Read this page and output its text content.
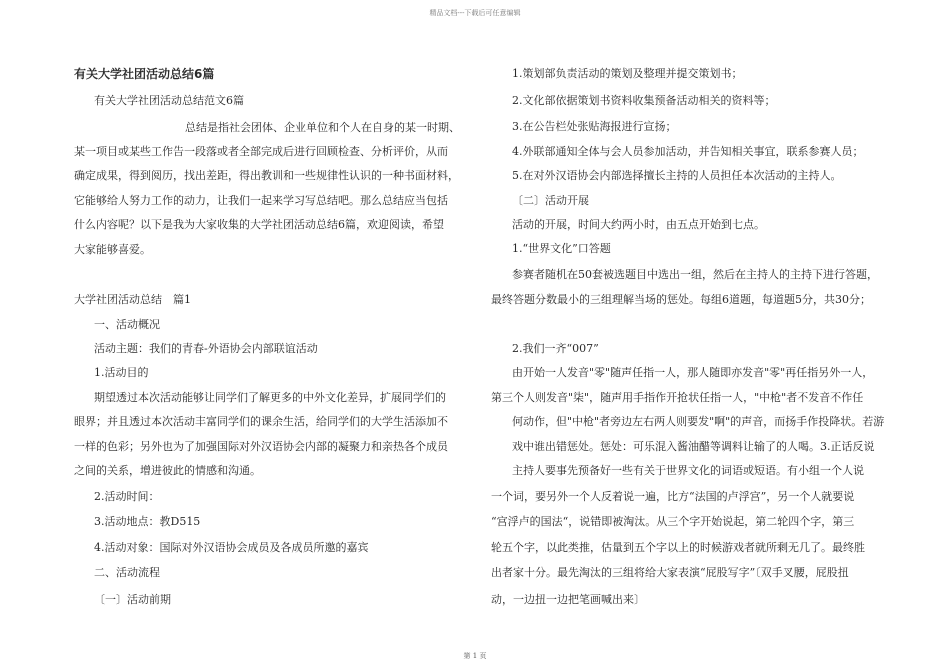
精品文档---下载后可任意编辑

有关大学社团活动总结6篇

有关大学社团活动总结范文6篇

总结是指社会团体、企业单位和个人在自身的某一时期、

某一项目或某些工作告一段落或者全部完成后进行回顾检查、分析评价，从而

确定成果，得到阅历，找出差距，得出教训和一些规律性认识的一种书面材料，

它能够给人努力工作的动力，让我们一起来学习写总结吧。那么总结应当包括

什么内容呢？以下是我为大家收集的大学社团活动总结6篇，欢迎阅读，希望

大家能够喜爱。

大学社团活动总结　篇1

一、活动概况

活动主题：我们的青春-外语协会内部联谊活动

1.活动目的

期望透过本次活动能够让同学们了解更多的中外文化差异，扩展同学们的

眼界；并且透过本次活动丰富同学们的课余生活，给同学们的大学生活添加不

一样的色彩；另外也为了加强国际对外汉语协会内部的凝聚力和亲热各个成员

之间的关系，增进彼此的情感和沟通。

2.活动时间：

3.活动地点：教D515

4.活动对象：国际对外汉语协会成员及各成员所邀的嘉宾

二、活动流程

〔一〕活动前期

1.策划部负责活动的策划及整理并提交策划书；

2.文化部依据策划书资料收集预备活动相关的资料等；

3.在公告栏处张贴海报进行宣扬；

4.外联部通知全体与会人员参加活动，并告知相关事宜，联系参赛人员；

5.在对外汉语协会内部选择擅长主持的人员担任本次活动的主持人。

〔二〕活动开展

活动的开展，时间大约两小时，由五点开始到七点。

1.“世界文化”口答题

参赛者随机在50套被选题目中选出一组，然后在主持人的主持下进行答题，

最终答题分数最小的三组理解当场的惩处。每组6道题，每道题5分，共30分；

2.我们一齐“007”

由开始一人发音"零"随声任指一人，那人随即亦发音"零"再任指另外一人，

第三个人则发音"柒"，随声用手指作开抢状任指一人，"中枪"者不发音不作任

何动作，但"中枪"者旁边左右两人则要发"啊"的声音，而扬手作投降状。若游

戏中谁出错惩处。惩处：可乐混入酱油醋等调料让输了的人喝。3.正话反说

主持人要事先预备好一些有关于世界文化的词语或短语。有小组一个人说

一个词，要另外一个人反着说一遍，比方“法国的卢浮宫”，另一个人就要说

“宫浮卢的国法“，说错即被淘汰。从三个字开始说起，第二轮四个字，第三

轮五个字，以此类推，估量到五个字以上的时候游戏者就所剩无几了。最终胜

出者家十分。最先淘汰的三组将给大家表演“屁股写字”〔双手叉腰，屁股扭

动，一边扭一边把笔画喊出来〕

第 1 页
